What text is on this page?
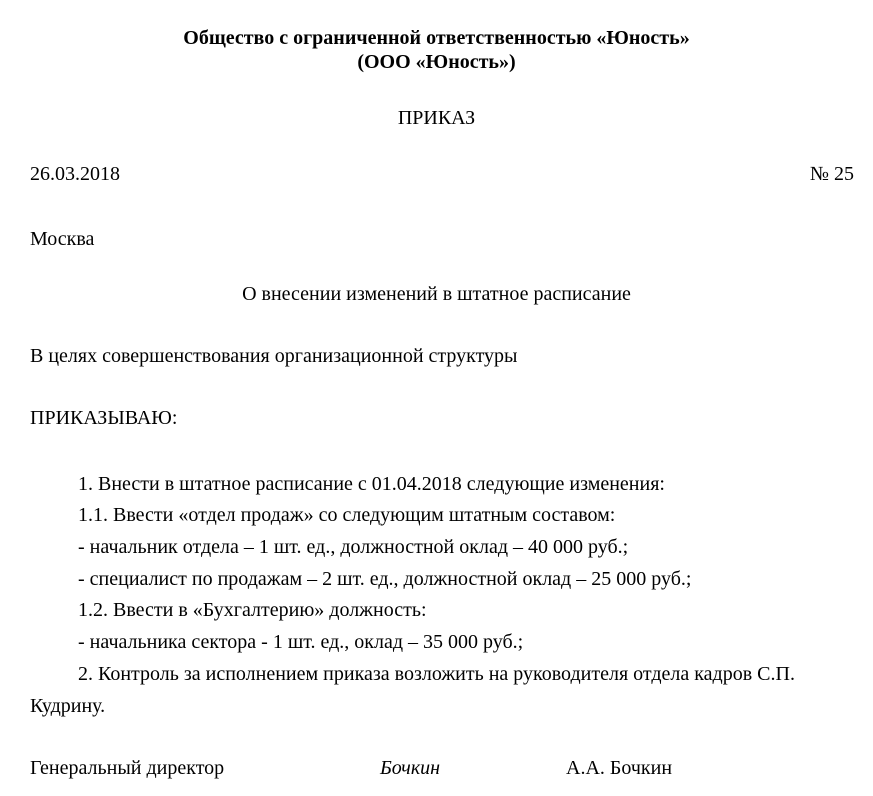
Общество с ограниченной ответственностью «Юность»
(ООО «Юность»)
ПРИКАЗ
26.03.2018	№ 25
Москва
О внесении изменений в штатное расписание
В целях совершенствования организационной структуры
ПРИКАЗЫВАЮ:
1. Внести в штатное расписание с 01.04.2018 следующие изменения:
1.1. Ввести «отдел продаж» со следующим штатным составом:
- начальник отдела – 1 шт. ед., должностной оклад – 40 000 руб.;
- специалист по продажам – 2 шт. ед., должностной оклад – 25 000 руб.;
1.2. Ввести в «Бухгалтерию» должность:
- начальника сектора - 1 шт. ед., оклад – 35 000 руб.;
2. Контроль за исполнением приказа возложить на руководителя отдела кадров С.П.
Кудрину.
Генеральный директор	Бочкин	А.А. Бочкин
